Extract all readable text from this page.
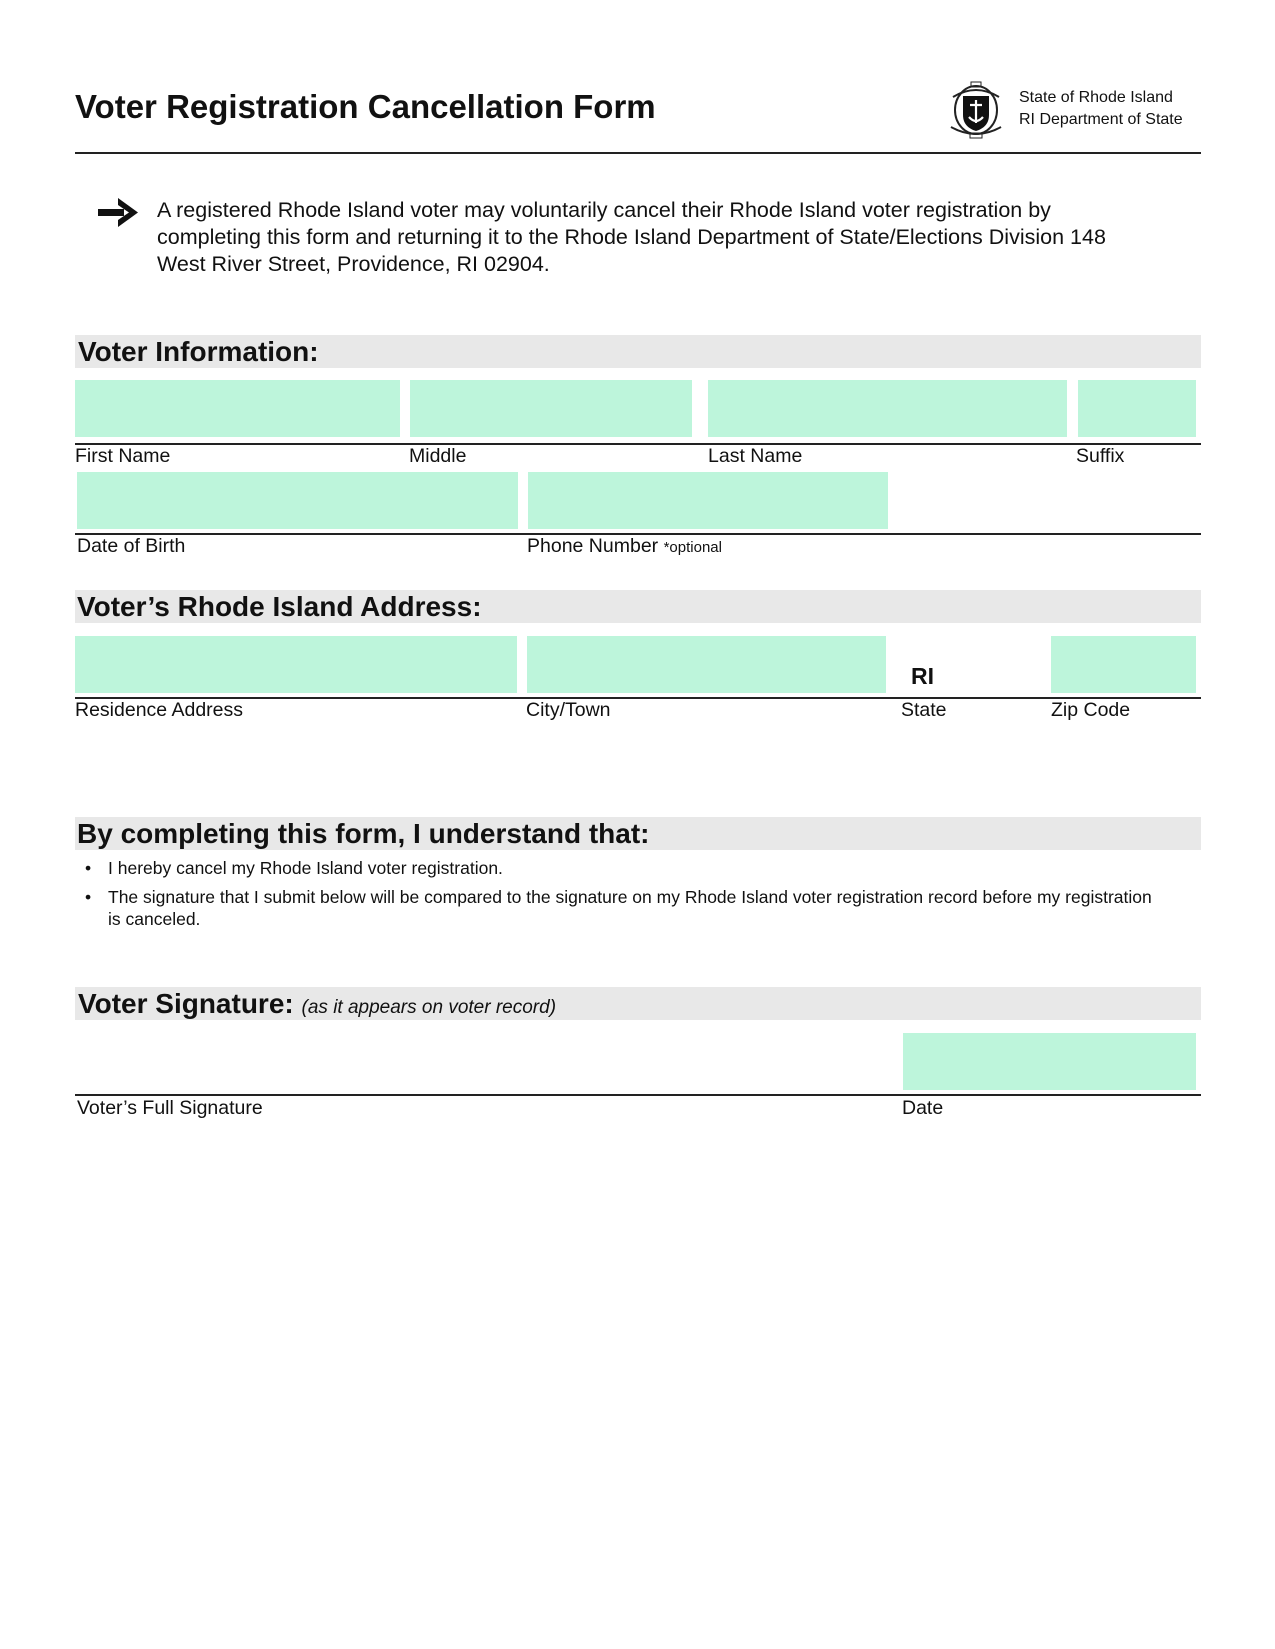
Voter Registration Cancellation Form	State of Rhode Island
RI Department of State
A registered Rhode Island voter may voluntarily cancel their Rhode Island voter registration by completing this form and returning it to the Rhode Island Department of State/Elections Division 148 West River Street, Providence, RI 02904.
Voter Information:
First Name	Middle	Last Name	Suffix
Date of Birth	Phone Number *optional
Voter’s Rhode Island Address:
RI
Residence Address	City/Town	State	Zip Code
By completing this form, I understand that:
• I hereby cancel my Rhode Island voter registration.
• The signature that I submit below will be compared to the signature on my Rhode Island voter registration record before my registration is canceled.
Voter Signature: (as it appears on voter record)
Voter’s Full Signature	Date
